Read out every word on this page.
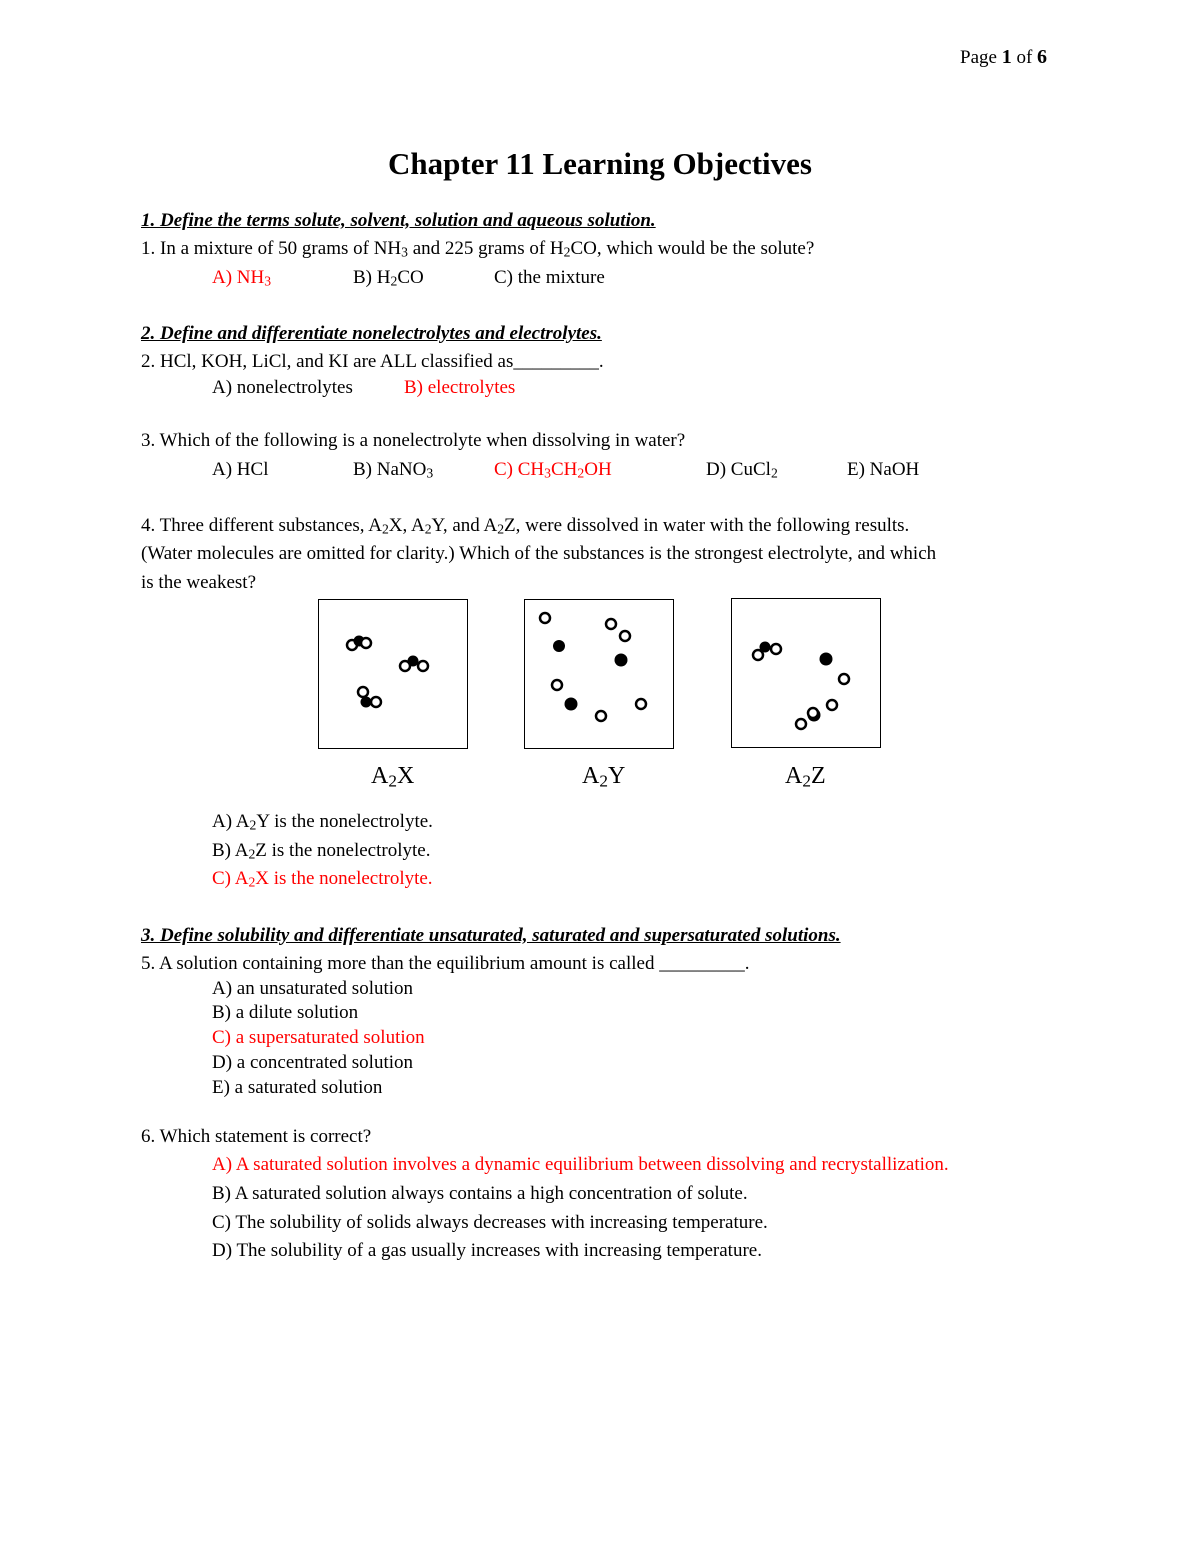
Page 1 of 6
Chapter 11 Learning Objectives
1. Define the terms solute, solvent, solution and aqueous solution.
1. In a mixture of 50 grams of $NH_3$ and 225 grams of $H_2CO$, which would be the solute?
A) $NH_3$	B) $H_2CO$	C) the mixture
2. Define and differentiate nonelectrolytes and electrolytes.
2. HCl, KOH, LiCl, and KI are ALL classified as_________.
A) nonelectrolytes	B) electrolytes
3. Which of the following is a nonelectrolyte when dissolving in water?
A) HCl	B) NaNO$_3$	C) $CH_3CH_2OH$	D) CuCl$_2$	E) NaOH
4. Three different substances, $A_2X$, $A_2Y$, and $A_2Z$, were dissolved in water with the following results.
(Water molecules are omitted for clarity.) Which of the substances is the strongest electrolyte, and which
is the weakest?
$A_2X$	$A_2Y$	$A_2Z$
A) $A_2Y$ is the nonelectrolyte.
B) $A_2Z$ is the nonelectrolyte.
C) $A_2X$ is the nonelectrolyte.
3. Define solubility and differentiate unsaturated, saturated and supersaturated solutions.
5. A solution containing more than the equilibrium amount is called _________.
A) an unsaturated solution
B) a dilute solution
C) a supersaturated solution
D) a concentrated solution
E) a saturated solution
6. Which statement is correct?
A) A saturated solution involves a dynamic equilibrium between dissolving and recrystallization.
B) A saturated solution always contains a high concentration of solute.
C) The solubility of solids always decreases with increasing temperature.
D) The solubility of a gas usually increases with increasing temperature.
